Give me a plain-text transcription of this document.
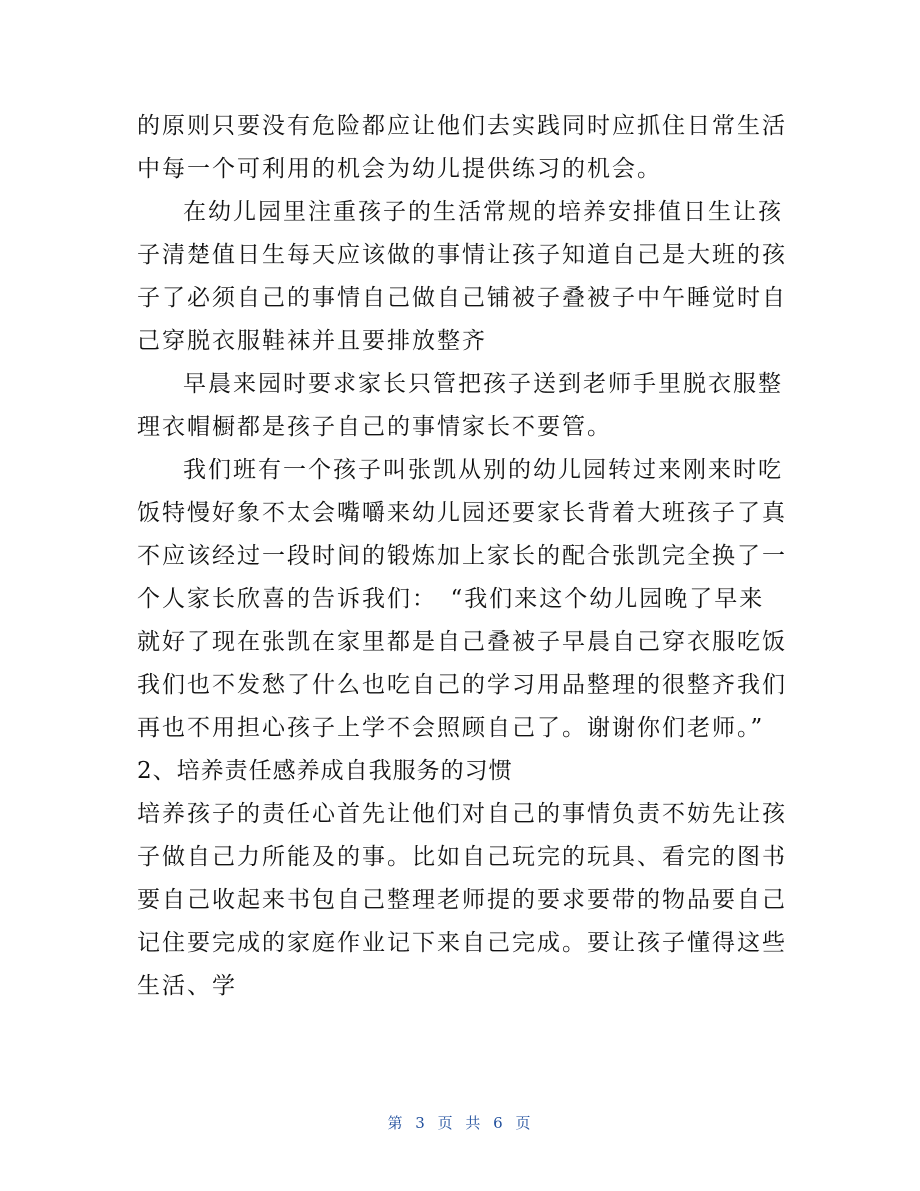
的原则只要没有危险都应让他们去实践同时应抓住日常生活中每一个可利用的机会为幼儿提供练习的机会。

在幼儿园里注重孩子的生活常规的培养安排值日生让孩子清楚值日生每天应该做的事情让孩子知道自己是大班的孩子了必须自己的事情自己做自己铺被子叠被子中午睡觉时自己穿脱衣服鞋袜并且要排放整齐

早晨来园时要求家长只管把孩子送到老师手里脱衣服整理衣帽橱都是孩子自己的事情家长不要管。

我们班有一个孩子叫张凯从别的幼儿园转过来刚来时吃饭特慢好象不太会嘴嚼来幼儿园还要家长背着大班孩子了真不应该经过一段时间的锻炼加上家长的配合张凯完全换了一个人家长欣喜的告诉我们：　“我们来这个幼儿园晚了早来就好了现在张凯在家里都是自己叠被子早晨自己穿衣服吃饭我们也不发愁了什么也吃自己的学习用品整理的很整齐我们再也不用担心孩子上学不会照顾自己了。谢谢你们老师。”

2、培养责任感养成自我服务的习惯

培养孩子的责任心首先让他们对自己的事情负责不妨先让孩子做自己力所能及的事。比如自己玩完的玩具、看完的图书要自己收起来书包自己整理老师提的要求要带的物品要自己记住要完成的家庭作业记下来自己完成。要让孩子懂得这些生活、学

第 3 页 共 6 页
